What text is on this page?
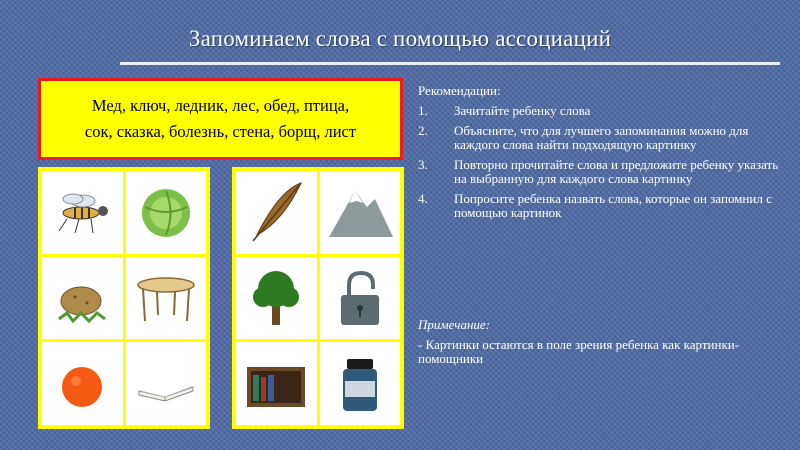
Запоминаем слова с помощью ассоциаций
Мед, ключ, ледник, лес, обед, птица,
сок, сказка, болезнь, стена, борщ, лист
Рекомендации:
1. Зачитайте ребенку слова
2. Объясните, что для лучшего запоминания можно для каждого слова найти подходящую картинку
3. Повторно прочитайте слова и предложите ребенку указать на выбранную для каждого слова картинку
4. Попросите ребенка назвать слова, которые он запомнил с помощью картинок
Примечание:
- Картинки остаются в поле зрения ребенка как картинки-помощники
